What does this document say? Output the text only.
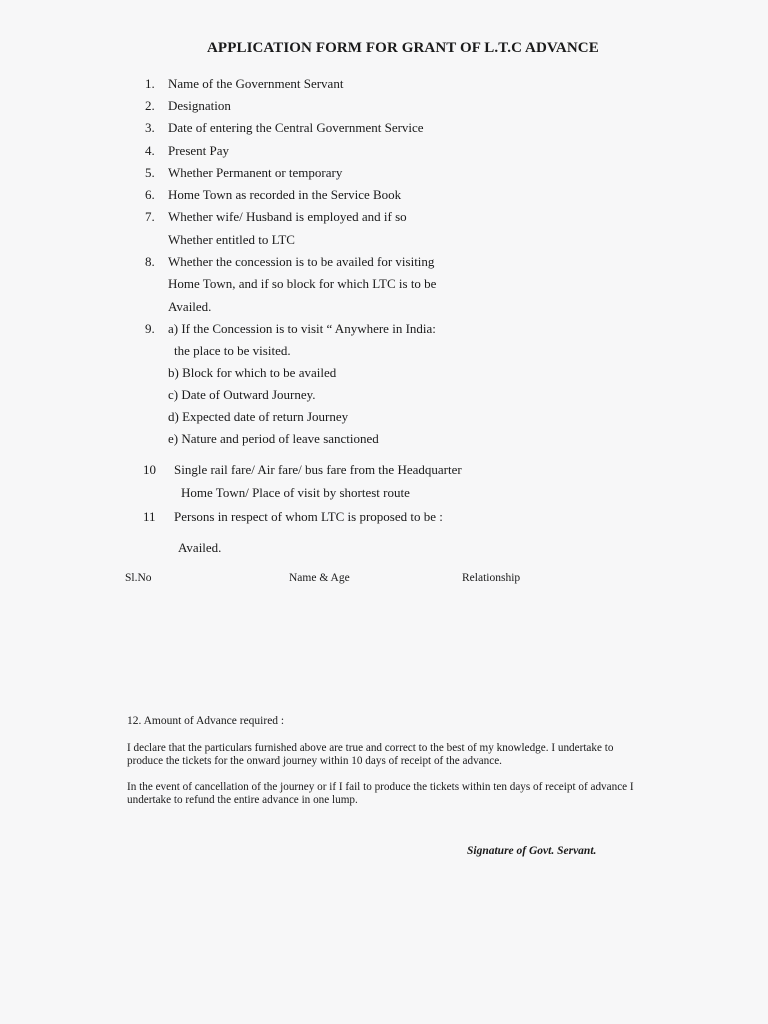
APPLICATION FORM FOR GRANT OF L.T.C ADVANCE
1. Name of the Government Servant
2. Designation
3. Date of entering the Central Government Service
4. Present Pay
5. Whether Permanent or temporary
6. Home Town as recorded in the Service Book
7. Whether wife/ Husband is employed and if so
Whether entitled to LTC
8. Whether the concession is to be availed for visiting
Home Town, and if so block for which LTC is to be
Availed.
9. a) If the Concession is to visit “ Anywhere in India:
the place to be visited.
b) Block for which to be availed
c) Date of Outward Journey.
d) Expected date of return Journey
e) Nature and period of leave sanctioned
10 Single rail fare/ Air fare/ bus fare from the Headquarter
Home Town/ Place of visit by shortest route
11 Persons in respect of whom LTC is proposed to be :
Availed.
Sl.No	Name & Age	Relationship
12. Amount of Advance required :
I declare that the particulars furnished above are true and correct to the best of my knowledge. I undertake to produce the tickets for the onward journey within 10 days of receipt of the advance.
In the event of cancellation of the journey or if I fail to produce the tickets within ten days of receipt of advance I undertake to refund the entire advance in one lump.
Signature of Govt. Servant.
